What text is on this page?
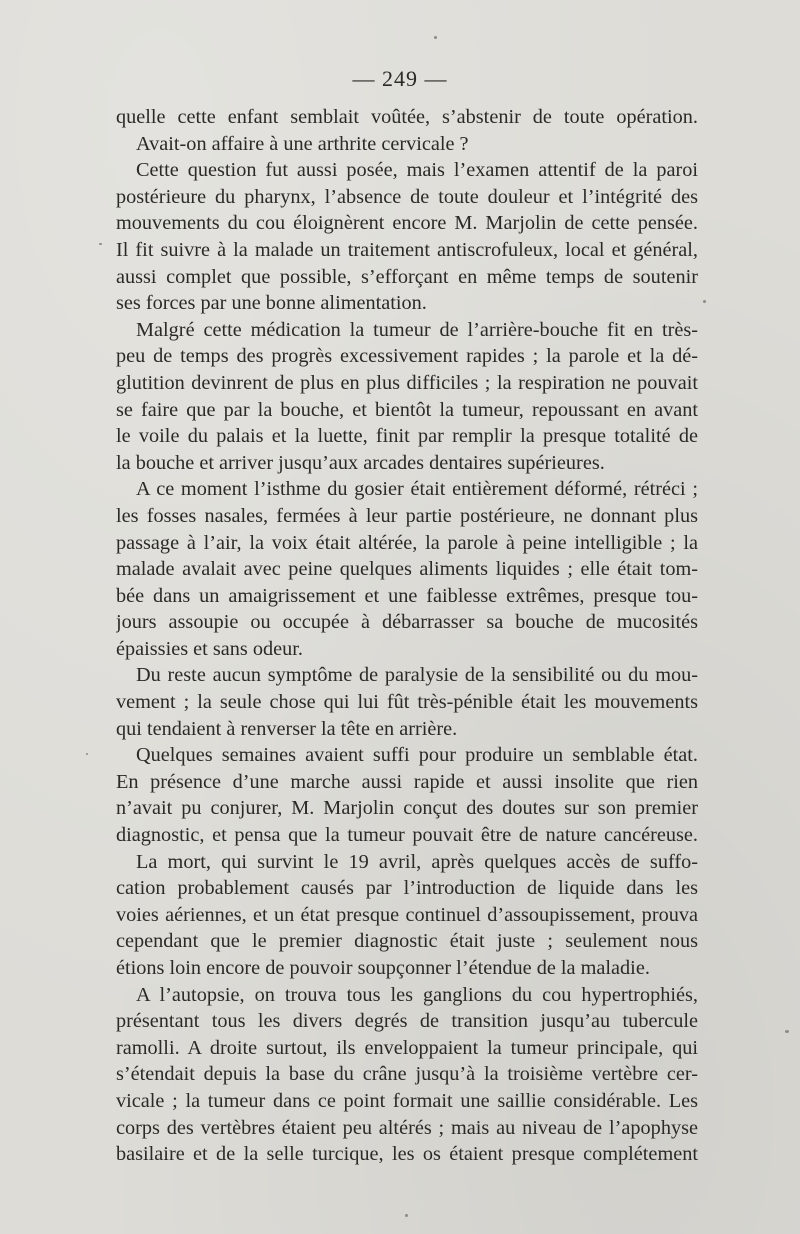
— 249 —
quelle cette enfant semblait voûtée, s’abstenir de toute opération.
Avait-on affaire à une arthrite cervicale ?
Cette question fut aussi posée, mais l’examen attentif de la paroi
postérieure du pharynx, l’absence de toute douleur et l’intégrité des
mouvements du cou éloignèrent encore M. Marjolin de cette pensée.
Il fit suivre à la malade un traitement antiscrofuleux, local et général,
aussi complet que possible, s’efforçant en même temps de soutenir
ses forces par une bonne alimentation.
Malgré cette médication la tumeur de l’arrière-bouche fit en très-
peu de temps des progrès excessivement rapides ; la parole et la dé-
glutition devinrent de plus en plus difficiles ; la respiration ne pouvait
se faire que par la bouche, et bientôt la tumeur, repoussant en avant
le voile du palais et la luette, finit par remplir la presque totalité de
la bouche et arriver jusqu’aux arcades dentaires supérieures.
A ce moment l’isthme du gosier était entièrement déformé, rétréci ;
les fosses nasales, fermées à leur partie postérieure, ne donnant plus
passage à l’air, la voix était altérée, la parole à peine intelligible ; la
malade avalait avec peine quelques aliments liquides ; elle était tom-
bée dans un amaigrissement et une faiblesse extrêmes, presque tou-
jours assoupie ou occupée à débarrasser sa bouche de mucosités
épaissies et sans odeur.
Du reste aucun symptôme de paralysie de la sensibilité ou du mou-
vement ; la seule chose qui lui fût très-pénible était les mouvements
qui tendaient à renverser la tête en arrière.
Quelques semaines avaient suffi pour produire un semblable état.
En présence d’une marche aussi rapide et aussi insolite que rien
n’avait pu conjurer, M. Marjolin conçut des doutes sur son premier
diagnostic, et pensa que la tumeur pouvait être de nature cancéreuse.
La mort, qui survint le 19 avril, après quelques accès de suffo-
cation probablement causés par l’introduction de liquide dans les
voies aériennes, et un état presque continuel d’assoupissement, prouva
cependant que le premier diagnostic était juste ; seulement nous
étions loin encore de pouvoir soupçonner l’étendue de la maladie.
A l’autopsie, on trouva tous les ganglions du cou hypertrophiés,
présentant tous les divers degrés de transition jusqu’au tubercule
ramolli. A droite surtout, ils enveloppaient la tumeur principale, qui
s’étendait depuis la base du crâne jusqu’à la troisième vertèbre cer-
vicale ; la tumeur dans ce point formait une saillie considérable. Les
corps des vertèbres étaient peu altérés ; mais au niveau de l’apophyse
basilaire et de la selle turcique, les os étaient presque complétement
